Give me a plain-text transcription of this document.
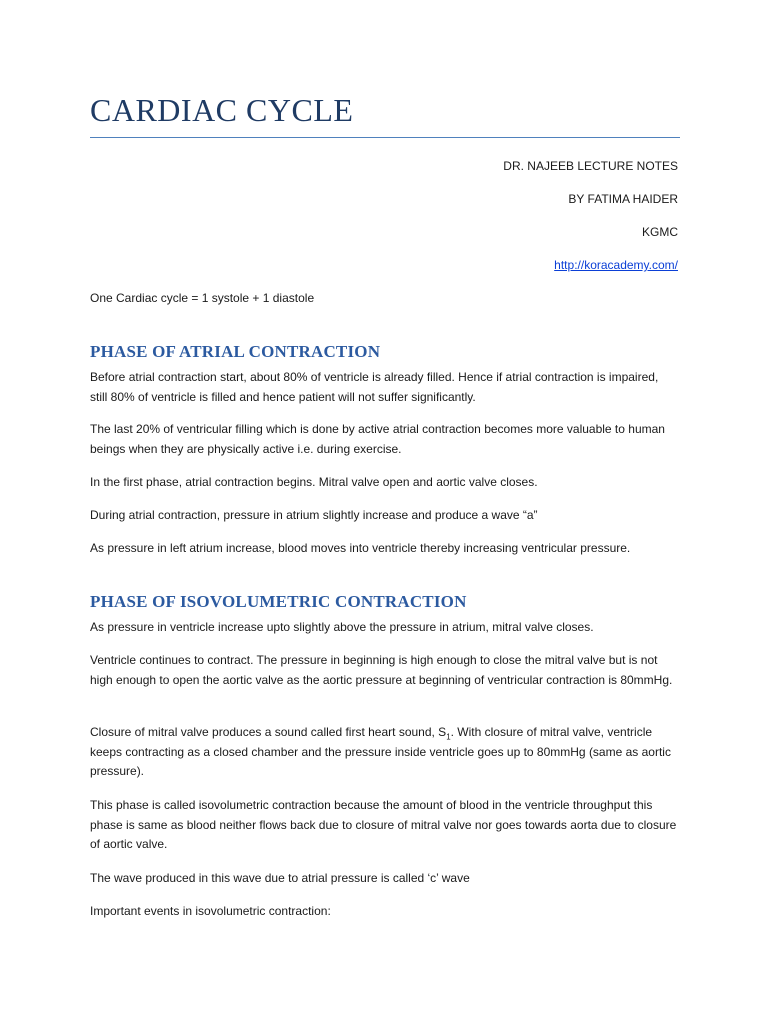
CARDIAC CYCLE
DR. NAJEEB LECTURE NOTES
BY FATIMA HAIDER
KGMC
http://koracademy.com/

One Cardiac cycle = 1 systole + 1 diastole

PHASE OF ATRIAL CONTRACTION

Before atrial contraction start, about 80% of ventricle is already filled. Hence if atrial contraction is impaired, still 80% of ventricle is filled and hence patient will not suffer significantly.

The last 20% of ventricular filling which is done by active atrial contraction becomes more valuable to human beings when they are physically active i.e. during exercise.

In the first phase, atrial contraction begins. Mitral valve open and aortic valve closes.

During atrial contraction, pressure in atrium slightly increase and produce a wave “a”

As pressure in left atrium increase, blood moves into ventricle thereby increasing ventricular pressure.

PHASE OF ISOVOLUMETRIC CONTRACTION

As pressure in ventricle increase upto slightly above the pressure in atrium, mitral valve closes.

Ventricle continues to contract. The pressure in beginning is high enough to close the mitral valve but is not high enough to open the aortic valve as the aortic pressure at beginning of ventricular contraction is 80mmHg.

Closure of mitral valve produces a sound called first heart sound, $S_1$. With closure of mitral valve, ventricle keeps contracting as a closed chamber and the pressure inside ventricle goes up to 80mmHg (same as aortic pressure).

This phase is called isovolumetric contraction because the amount of blood in the ventricle throughput this phase is same as blood neither flows back due to closure of mitral valve nor goes towards aorta due to closure of aortic valve.

The wave produced in this wave due to atrial pressure is called ‘c’ wave

Important events in isovolumetric contraction:
